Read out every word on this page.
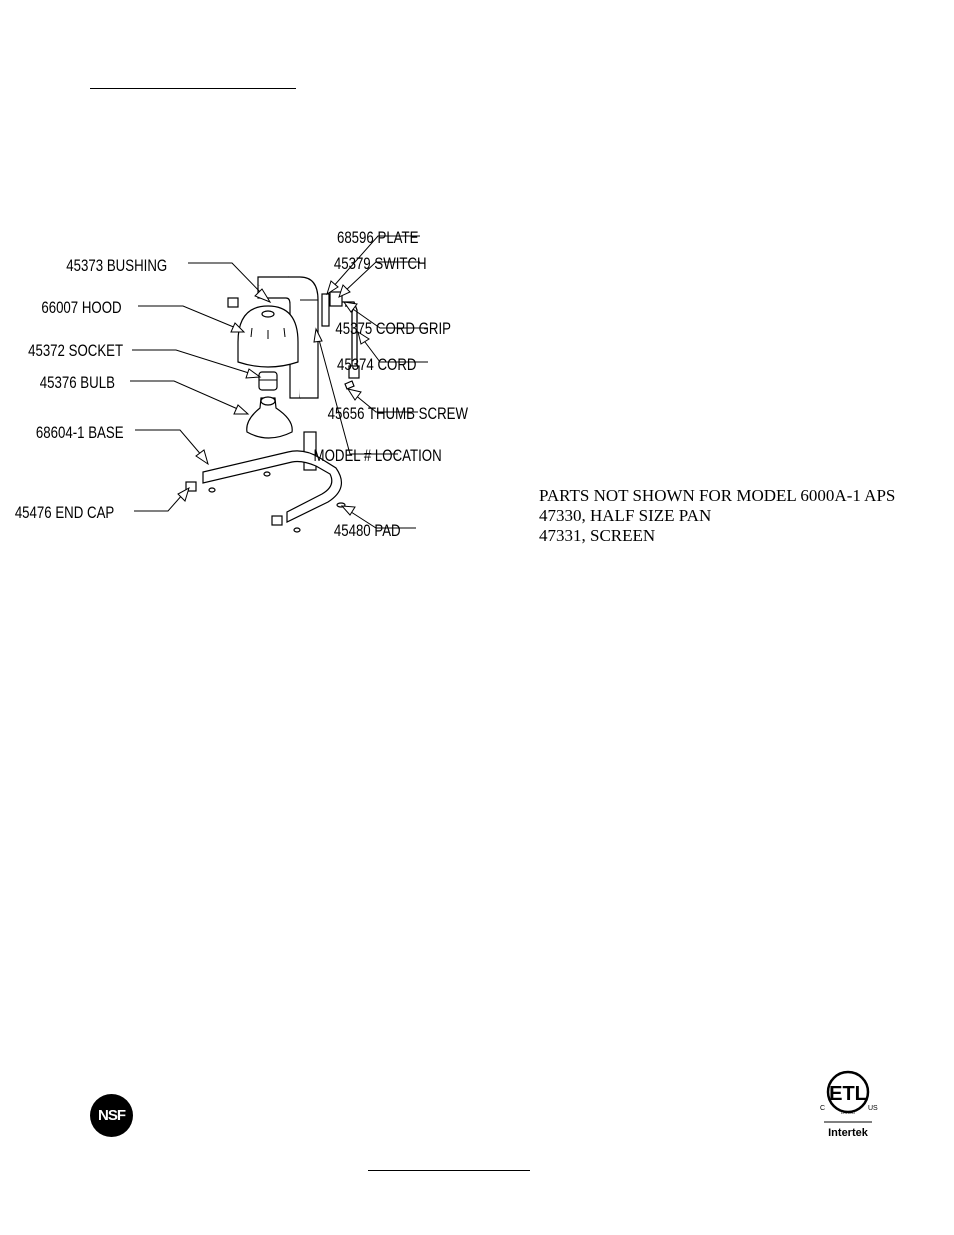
45373 BUSHING
66007 HOOD
45372 SOCKET
45376 BULB
68604-1 BASE
45476 END CAP
68596 PLATE
45379 SWITCH
45375 CORD GRIP
45374 CORD
45656 THUMB SCREW
MODEL # LOCATION
45480 PAD
PARTS NOT SHOWN FOR MODEL 6000A-1 APS
47330, HALF SIZE PAN
47331, SCREEN
NSF
ETL
C	US
LISTED
Intertek
